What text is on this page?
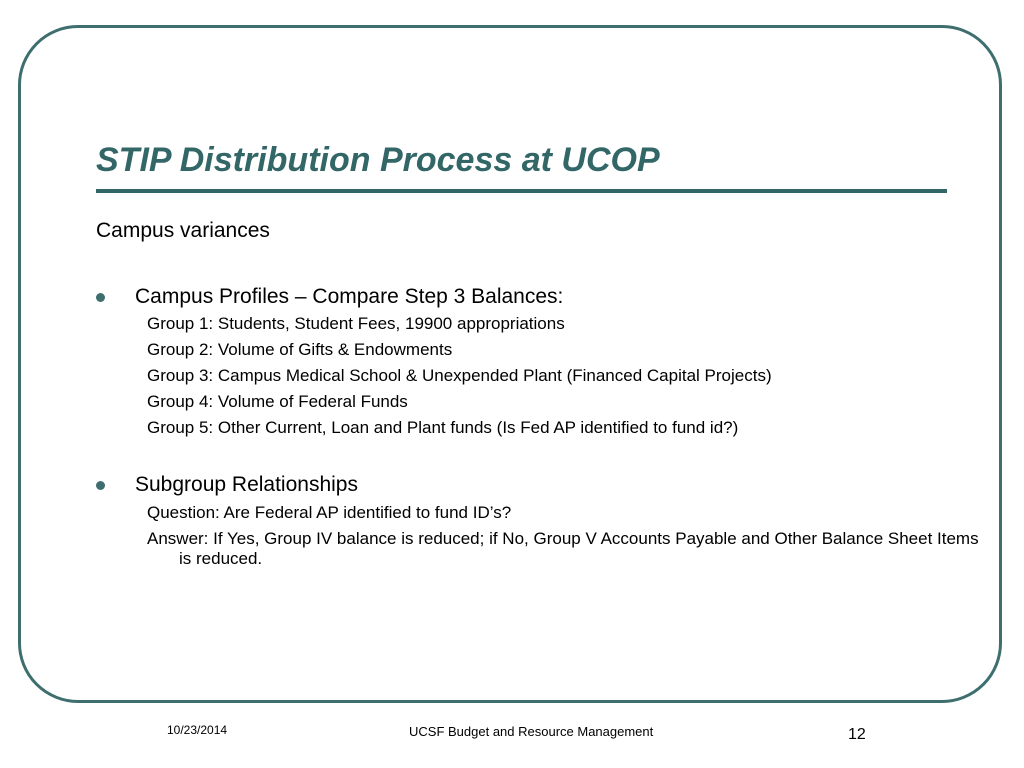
STIP Distribution Process at UCOP
Campus variances
Campus Profiles – Compare Step 3 Balances:
Group 1: Students, Student Fees, 19900 appropriations
Group 2: Volume of Gifts & Endowments
Group 3: Campus Medical School & Unexpended Plant (Financed Capital Projects)
Group 4: Volume of Federal Funds
Group 5: Other Current, Loan and Plant funds (Is Fed AP identified to fund id?)
Subgroup Relationships
Question: Are Federal AP identified to fund ID’s?
Answer: If Yes, Group IV balance is reduced; if No, Group V Accounts Payable and Other Balance Sheet Items is reduced.
10/23/2014	UCSF Budget and Resource Management	12
